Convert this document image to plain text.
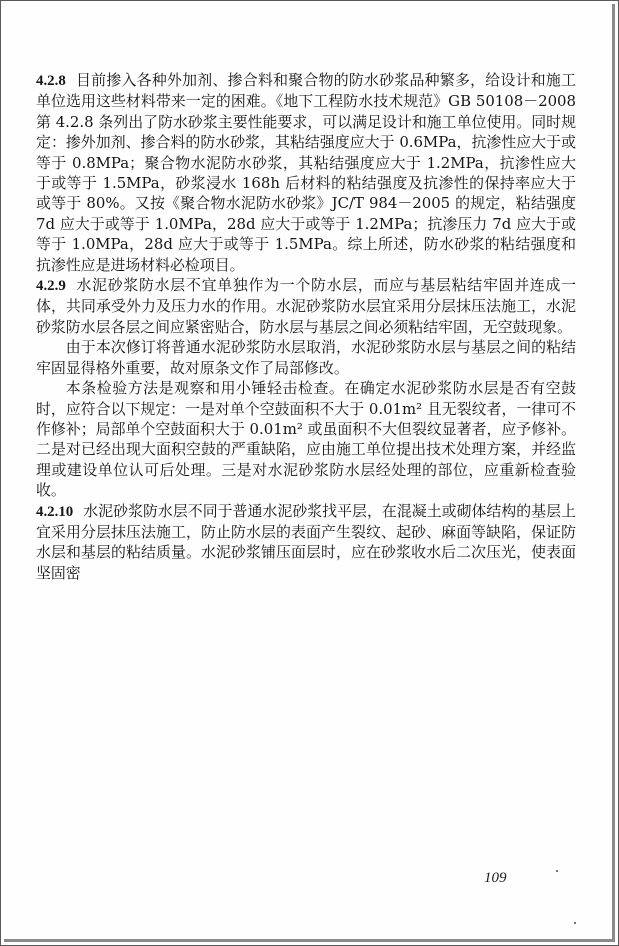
4.2.8 目前掺入各种外加剂、掺合料和聚合物的防水砂浆品种繁多，给设计和施工单位选用这些材料带来一定的困难。《地下工程防水技术规范》GB 50108－2008 第 4.2.8 条列出了防水砂浆主要性能要求，可以满足设计和施工单位使用。同时规定：掺外加剂、掺合料的防水砂浆，其粘结强度应大于 0.6MPa，抗渗性应大于或等于 0.8MPa；聚合物水泥防水砂浆，其粘结强度应大于 1.2MPa，抗渗性应大于或等于 1.5MPa，砂浆浸水 168h 后材料的粘结强度及抗渗性的保持率应大于或等于 80%。又按《聚合物水泥防水砂浆》JC/T 984－2005 的规定，粘结强度 7d 应大于或等于 1.0MPa，28d 应大于或等于 1.2MPa；抗渗压力 7d 应大于或等于 1.0MPa，28d 应大于或等于 1.5MPa。综上所述，防水砂浆的粘结强度和抗渗性应是进场材料必检项目。

4.2.9 水泥砂浆防水层不宜单独作为一个防水层，而应与基层粘结牢固并连成一体，共同承受外力及压力水的作用。水泥砂浆防水层宜采用分层抹压法施工，水泥砂浆防水层各层之间应紧密贴合，防水层与基层之间必须粘结牢固，无空鼓现象。

由于本次修订将普通水泥砂浆防水层取消，水泥砂浆防水层与基层之间的粘结牢固显得格外重要，故对原条文作了局部修改。

本条检验方法是观察和用小锤轻击检查。在确定水泥砂浆防水层是否有空鼓时，应符合以下规定：一是对单个空鼓面积不大于 0.01m² 且无裂纹者，一律可不作修补；局部单个空鼓面积大于 0.01m² 或虽面积不大但裂纹显著者，应予修补。二是对已经出现大面积空鼓的严重缺陷，应由施工单位提出技术处理方案，并经监理或建设单位认可后处理。三是对水泥砂浆防水层经处理的部位，应重新检查验收。

4.2.10 水泥砂浆防水层不同于普通水泥砂浆找平层，在混凝土或砌体结构的基层上宜采用分层抹压法施工，防止防水层的表面产生裂纹、起砂、麻面等缺陷，保证防水层和基层的粘结质量。水泥砂浆铺压面层时，应在砂浆收水后二次压光，使表面坚固密

109
